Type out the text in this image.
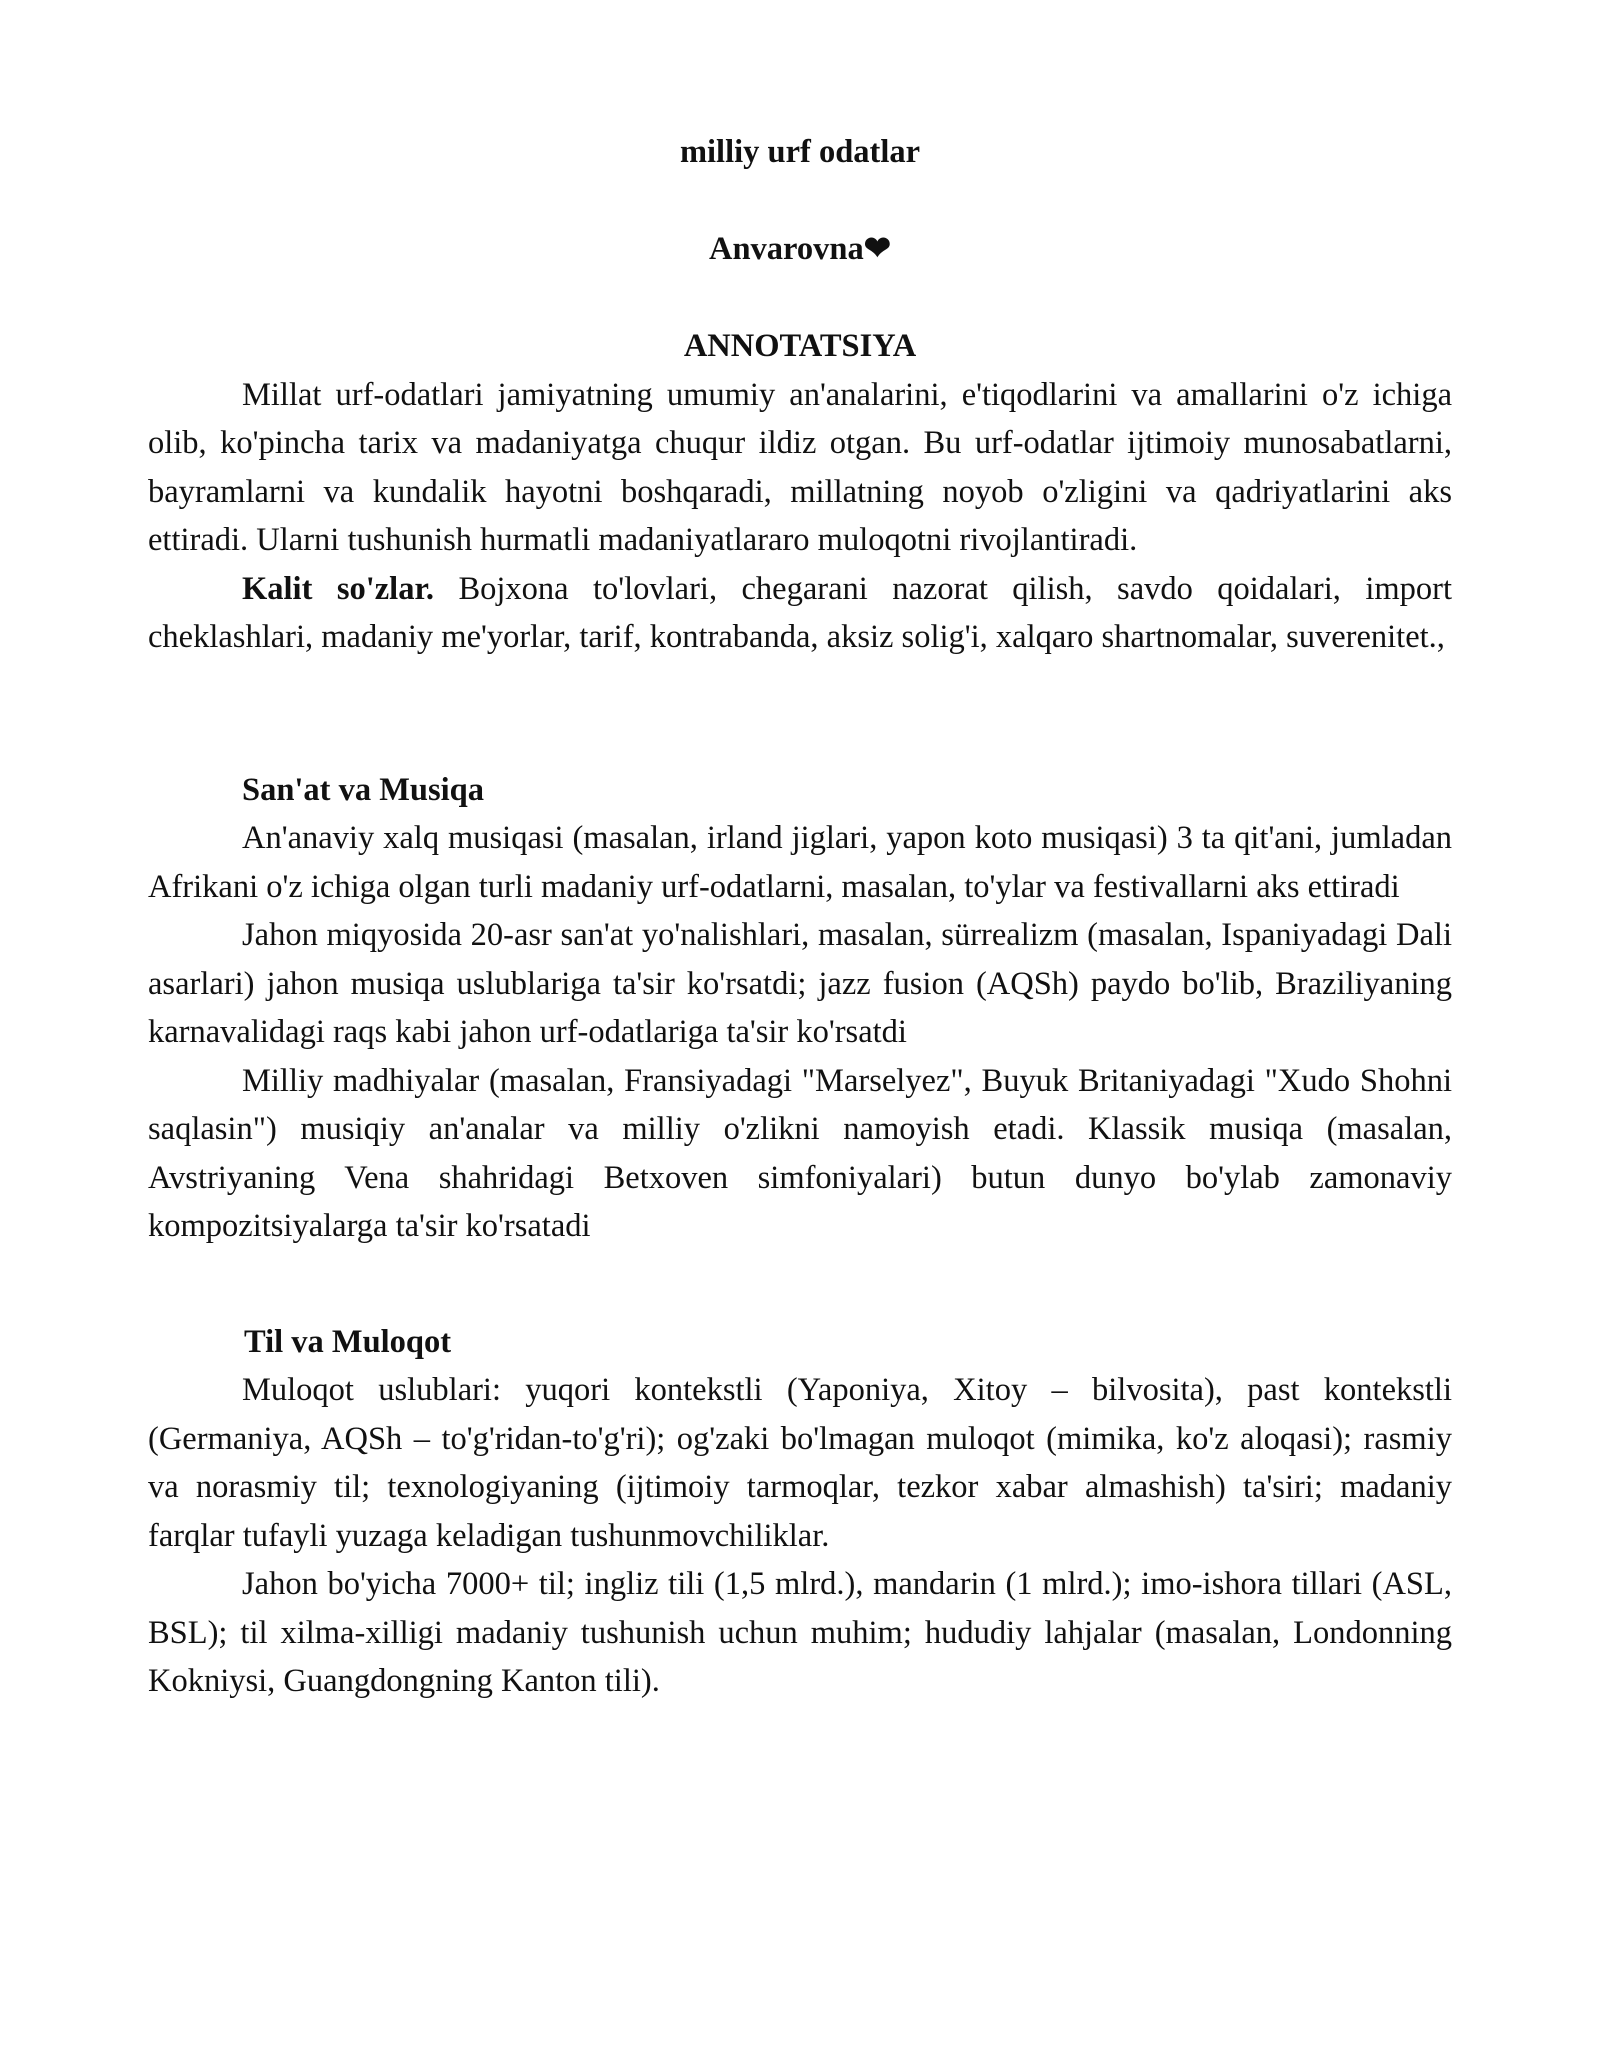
milliy urf odatlar

Anvarovna❤

ANNOTATSIYA

Millat urf-odatlari jamiyatning umumiy an'analarini, e'tiqodlarini va amallarini o'z ichiga olib, ko'pincha tarix va madaniyatga chuqur ildiz otgan. Bu urf-odatlar ijtimoiy munosabatlarni, bayramlarni va kundalik hayotni boshqaradi, millatning noyob o'zligini va qadriyatlarini aks ettiradi. Ularni tushunish hurmatli madaniyatlararo muloqotni rivojlantiradi.

Kalit so'zlar. Bojxona to'lovlari, chegarani nazorat qilish, savdo qoidalari, import cheklashlari, madaniy me'yorlar, tarif, kontrabanda, aksiz solig'i, xalqaro shartnomalar, suverenitet.,

San'at va Musiqa

An'anaviy xalq musiqasi (masalan, irland jiglari, yapon koto musiqasi) 3 ta qit'ani, jumladan Afrikani o'z ichiga olgan turli madaniy urf-odatlarni, masalan, to'ylar va festivallarni aks ettiradi

Jahon miqyosida 20-asr san'at yo'nalishlari, masalan, sürrealizm (masalan, Ispaniyadagi Dali asarlari) jahon musiqa uslublariga ta'sir ko'rsatdi; jazz fusion (AQSh) paydo bo'lib, Braziliyaning karnavalidagi raqs kabi jahon urf-odatlariga ta'sir ko'rsatdi

Milliy madhiyalar (masalan, Fransiyadagi "Marselyez", Buyuk Britaniyadagi "Xudo Shohni saqlasin") musiqiy an'analar va milliy o'zlikni namoyish etadi. Klassik musiqa (masalan, Avstriyaning Vena shahridagi Betxoven simfoniyalari) butun dunyo bo'ylab zamonaviy kompozitsiyalarga ta'sir ko'rsatadi

Til va Muloqot

Muloqot uslublari: yuqori kontekstli (Yaponiya, Xitoy – bilvosita), past kontekstli (Germaniya, AQSh – to'g'ridan-to'g'ri); og'zaki bo'lmagan muloqot (mimika, ko'z aloqasi); rasmiy va norasmiy til; texnologiyaning (ijtimoiy tarmoqlar, tezkor xabar almashish) ta'siri; madaniy farqlar tufayli yuzaga keladigan tushunmovchiliklar.

Jahon bo'yicha 7000+ til; ingliz tili (1,5 mlrd.), mandarin (1 mlrd.); imo-ishora tillari (ASL, BSL); til xilma-xilligi madaniy tushunish uchun muhim; hududiy lahjalar (masalan, Londonning Kokniysi, Guangdongning Kanton tili).
